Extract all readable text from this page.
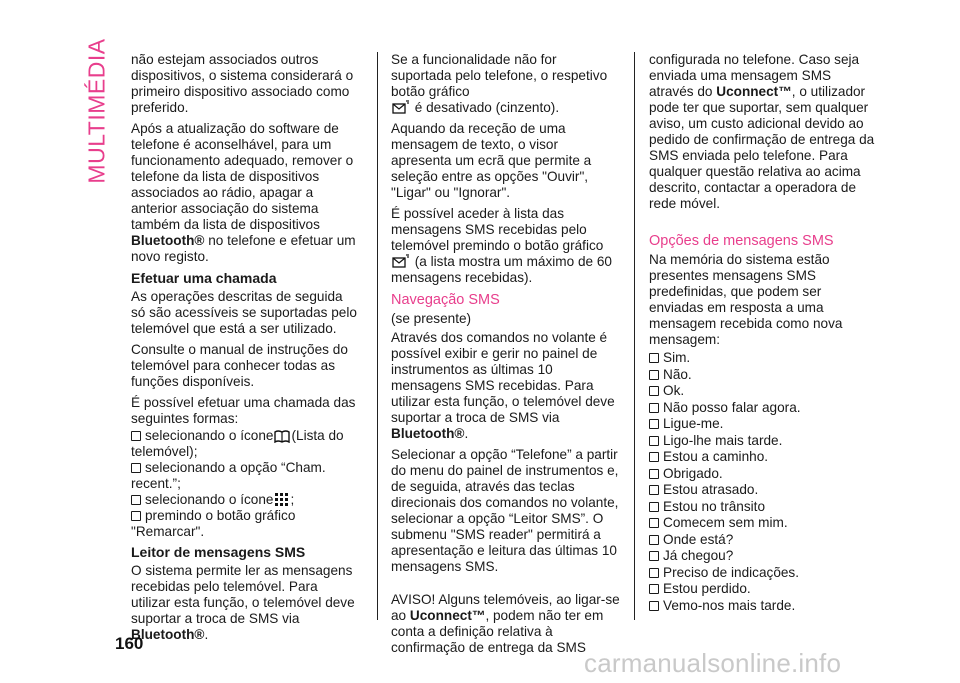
MULTIMÉDIA não estejam associados outros dispositivos, o sistema considerará o primeiro dispositivo associado como preferido.

Após a atualização do software de telefone é aconselhável, para um funcionamento adequado, remover o telefone da lista de dispositivos associados ao rádio, apagar a anterior associação do sistema também da lista de dispositivos Bluetooth® no telefone e efetuar um novo registo.

Efetuar uma chamada

As operações descritas de seguida só são acessíveis se suportadas pelo telemóvel que está a ser utilizado.

Consulte o manual de instruções do telemóvel para conhecer todas as funções disponíveis.

É possível efetuar uma chamada das seguintes formas:

selecionando o ícone (Lista do telemóvel);
selecionando a opção “Cham. recent.”;
selecionando o ícone ;
premindo o botão gráfico "Remarcar".
Leitor de mensagens SMS

O sistema permite ler as mensagens recebidas pelo telemóvel. Para utilizar esta função, o telemóvel deve suportar a troca de SMS via Bluetooth®.

Se a funcionalidade não for suportada pelo telefone, o respetivo botão gráfico
é desativado (cinzento).

Aquando da receção de uma mensagem de texto, o visor apresenta um ecrã que permite a seleção entre as opções "Ouvir", "Ligar" ou "Ignorar".

É possível aceder à lista das mensagens SMS recebidas pelo telemóvel premindo o botão gráfico
(a lista mostra um máximo de 60 mensagens recebidas).

Navegação SMS

(se presente)

Através dos comandos no volante é possível exibir e gerir no painel de instrumentos as últimas 10 mensagens SMS recebidas. Para utilizar esta função, o telemóvel deve suportar a troca de SMS via Bluetooth®.

Selecionar a opção “Telefone” a partir do menu do painel de instrumentos e, de seguida, através das teclas direcionais dos comandos no volante, selecionar a opção “Leitor SMS”. O submenu "SMS reader" permitirá a apresentação e leitura das últimas 10 mensagens SMS.

AVISO! Alguns telemóveis, ao ligar-se ao Uconnect™, podem não ter em conta a definição relativa à confirmação de entrega da SMS

configurada no telefone. Caso seja enviada uma mensagem SMS através do Uconnect™, o utilizador pode ter que suportar, sem qualquer aviso, um custo adicional devido ao pedido de confirmação de entrega da SMS enviada pelo telefone. Para qualquer questão relativa ao acima descrito, contactar a operadora de rede móvel.

Opções de mensagens SMS

Na memória do sistema estão presentes mensagens SMS predefinidas, que podem ser enviadas em resposta a uma mensagem recebida como nova mensagem:

Sim.
Não.
Ok.
Não posso falar agora.
Ligue-me.
Ligo-lhe mais tarde.
Estou a caminho.
Obrigado.
Estou atrasado.
Estou no trânsito
Comecem sem mim.
Onde está?
Já chegou?
Preciso de indicações.
Estou perdido.
Vemo-nos mais tarde.
160
carmanualsonline.info
